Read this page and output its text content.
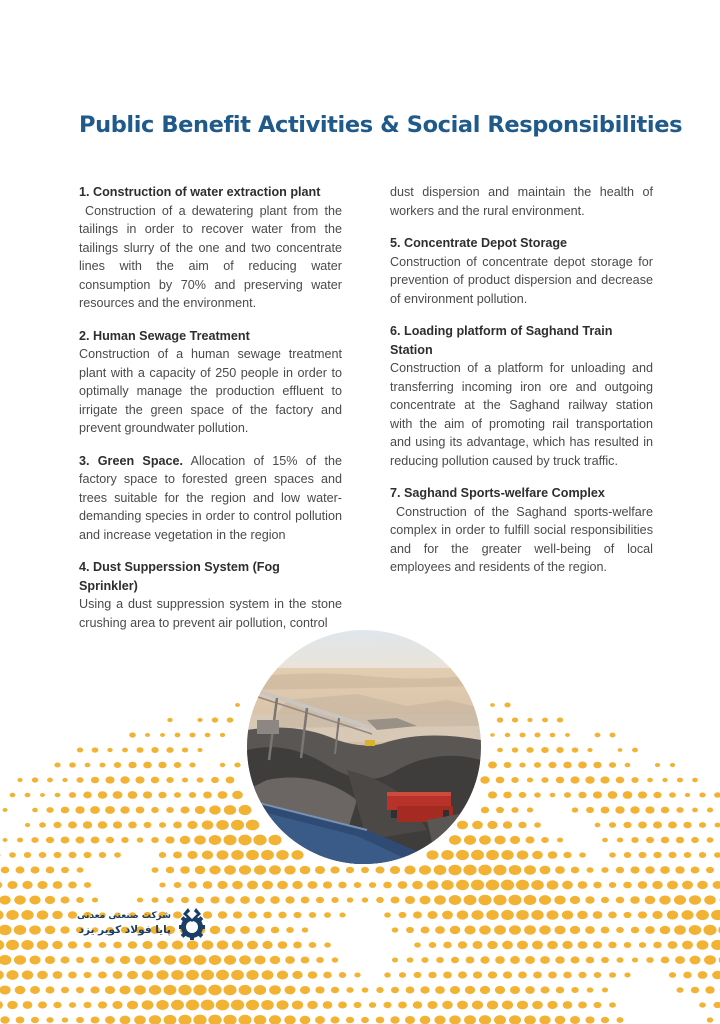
Public Benefit Activities & Social Responsibilities
1. Construction of water extraction plant
Construction of a dewatering plant from the tailings in order to recover water from the tailings slurry of the one and two concentrate lines with the aim of reducing water consumption by 70% and preserving water resources and the environment.
2. Human Sewage Treatment
Construction of a human sewage treatment plant with a capacity of 250 people in order to optimally manage the production effluent to irrigate the green space of the factory and prevent groundwater pollution.
3. Green Space. Allocation of 15% of the factory space to forested green spaces and trees suitable for the region and low water-demanding species in order to control pollution and increase vegetation in the region
4. Dust Supperssion System (Fog Sprinkler)
Using a dust suppression system in the stone crushing area to prevent air pollution, control
dust dispersion and maintain the health of workers and the rural environment.
5. Concentrate Depot Storage
Construction of concentrate depot storage for prevention of product dispersion and decrease of environment pollution.
6. Loading platform of Saghand Train Station
Construction of a platform for unloading and transferring incoming iron ore and outgoing concentrate at the Saghand railway station with the aim of promoting rail transportation and using its advantage, which has resulted in reducing pollution caused by truck traffic.
7. Saghand Sports-welfare Complex
Construction of the Saghand sports-welfare complex in order to fulfill social responsibilities and for the greater well-being of local employees and residents of the region.
شرکت صنعتی معدنی
پایا فولاد کویر یزد
